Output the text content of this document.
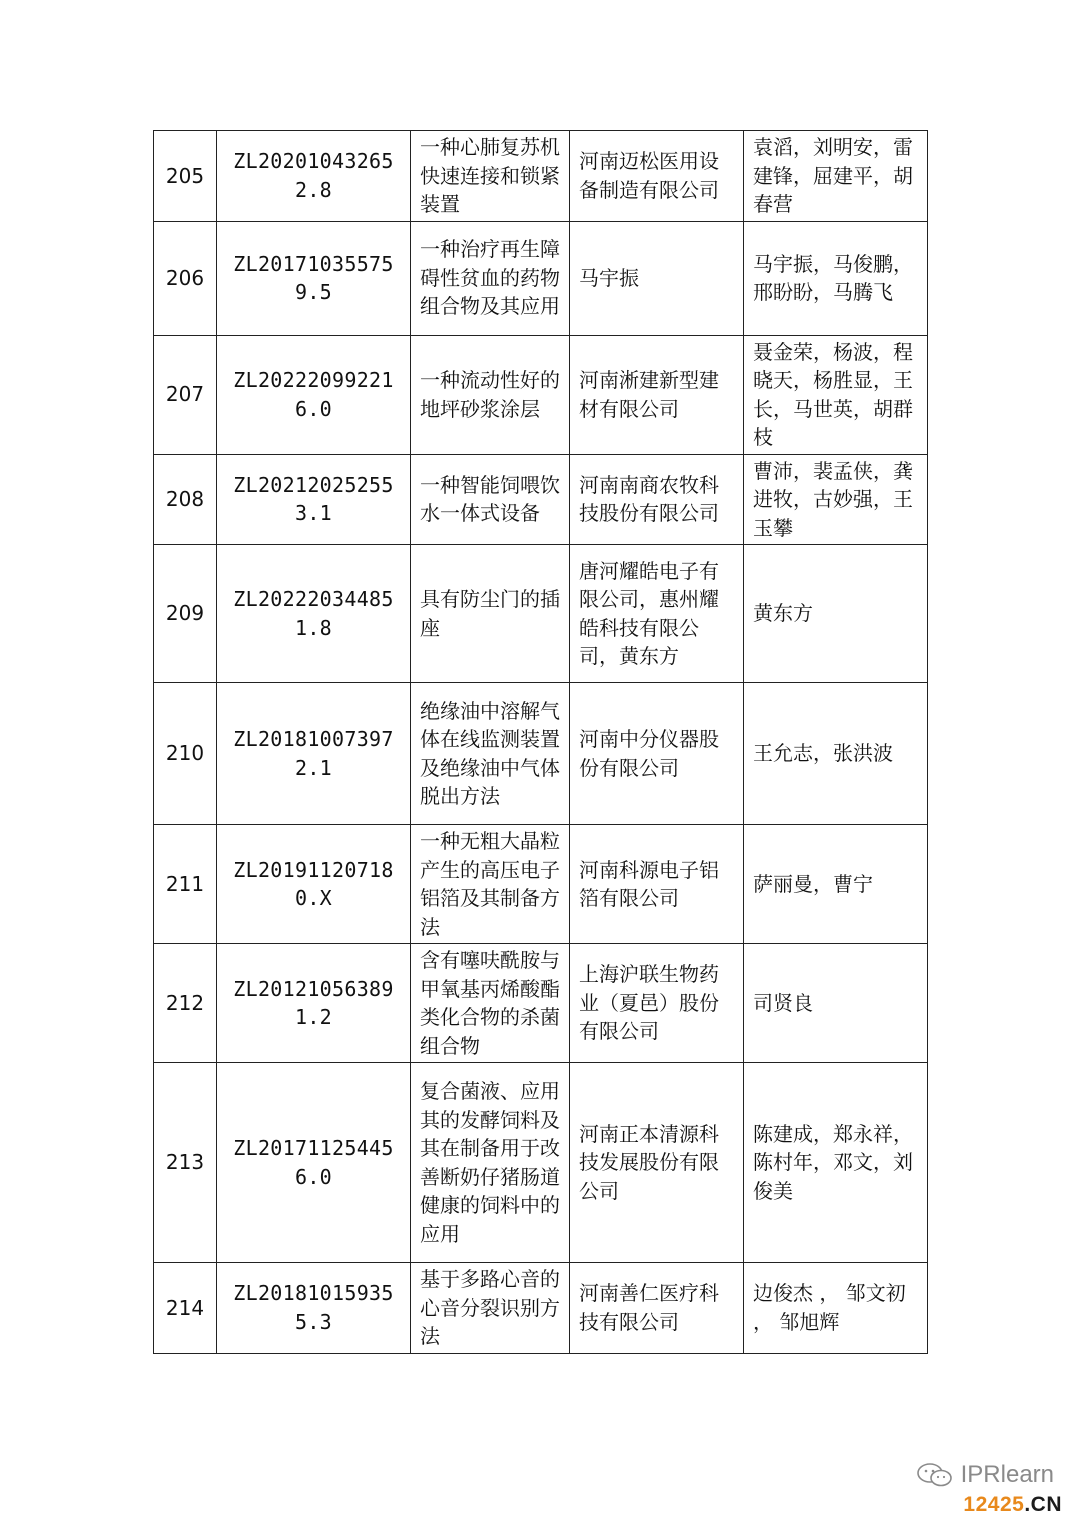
205	ZL202010432652.8	一种心肺复苏机快速连接和锁紧装置	河南迈松医用设备制造有限公司	袁滔，刘明安，雷建锋，屈建平，胡春营
206	ZL201710355759.5	一种治疗再生障碍性贫血的药物组合物及其应用	马宇振	马宇振，马俊鹏，邢盼盼，马腾飞
207	ZL202220992216.0	一种流动性好的地坪砂浆涂层	河南淅建新型建材有限公司	聂金荣，杨波，程晓天，杨胜显，王长，马世英，胡群枝
208	ZL202120252553.1	一种智能饲喂饮水一体式设备	河南南商农牧科技股份有限公司	曹沛，裴孟侠，龚进牧，古妙强，王玉攀
209	ZL202220344851.8	具有防尘门的插座	唐河耀皓电子有限公司，惠州耀皓科技有限公司，黄东方	黄东方
210	ZL201810073972.1	绝缘油中溶解气体在线监测装置及绝缘油中气体脱出方法	河南中分仪器股份有限公司	王允志，张洪波
211	ZL201911207180.X	一种无粗大晶粒产生的高压电子铝箔及其制备方法	河南科源电子铝箔有限公司	萨丽曼，曹宁
212	ZL201210563891.2	含有噻呋酰胺与甲氧基丙烯酸酯类化合物的杀菌组合物	上海沪联生物药业（夏邑）股份有限公司	司贤良
213	ZL201711254456.0	复合菌液、应用其的发酵饲料及其在制备用于改善断奶仔猪肠道健康的饲料中的应用	河南正本清源科技发展股份有限公司	陈建成，郑永祥，陈村年，邓文，刘俊美
214	ZL201810159355.3	基于多路心音的心音分裂识别方法	河南善仁医疗科技有限公司	边俊杰 ， 邹文初 ， 邹旭辉
IPRlearn
12425.CN
